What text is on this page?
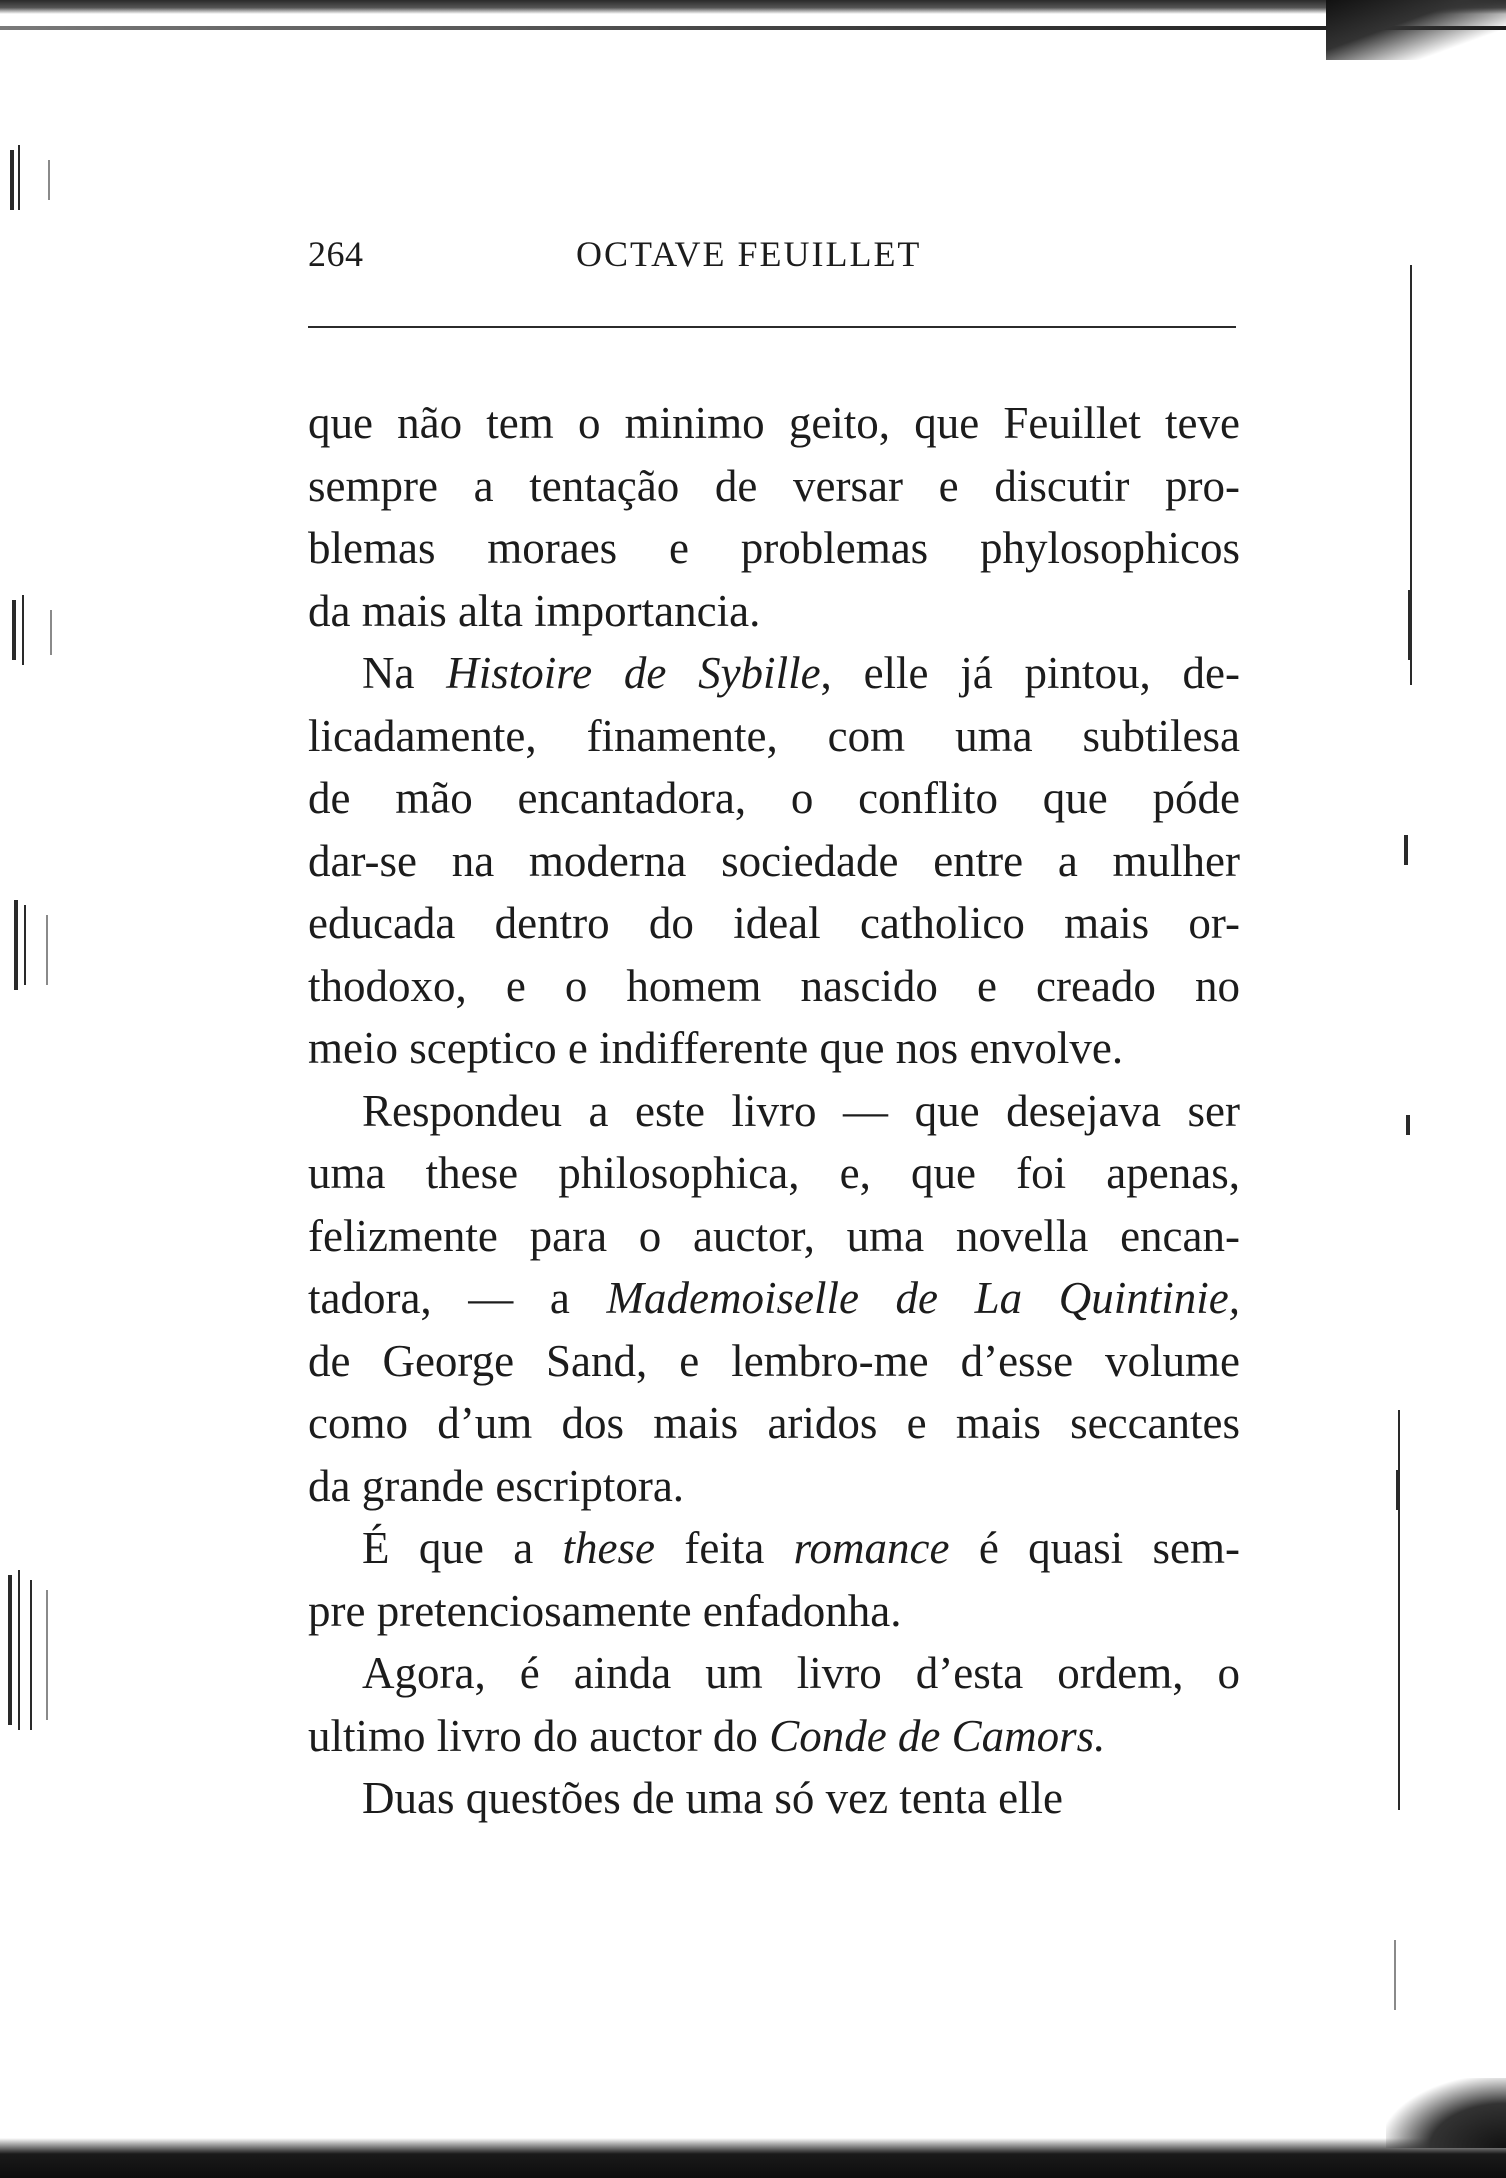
264	OCTAVE FEUILLET
que não tem o minimo geito, que Feuillet teve
sempre a tentação de versar e discutir pro-
blemas moraes e problemas phylosophicos
da mais alta importancia.
Na Histoire de Sybille, elle já pintou, de-
licadamente, finamente, com uma subtilesa
de mão encantadora, o conflito que póde
dar-se na moderna sociedade entre a mulher
educada dentro do ideal catholico mais or-
thodoxo, e o homem nascido e creado no
meio sceptico e indifferente que nos envolve.
Respondeu a este livro — que desejava ser
uma these philosophica, e, que foi apenas,
felizmente para o auctor, uma novella encan-
tadora, — a Mademoiselle de La Quintinie,
de George Sand, e lembro-me d’esse volume
como d’um dos mais aridos e mais seccantes
da grande escriptora.
É que a these feita romance é quasi sem-
pre pretenciosamente enfadonha.
Agora, é ainda um livro d’esta ordem, o
ultimo livro do auctor do Conde de Camors.
Duas questões de uma só vez tenta elle
